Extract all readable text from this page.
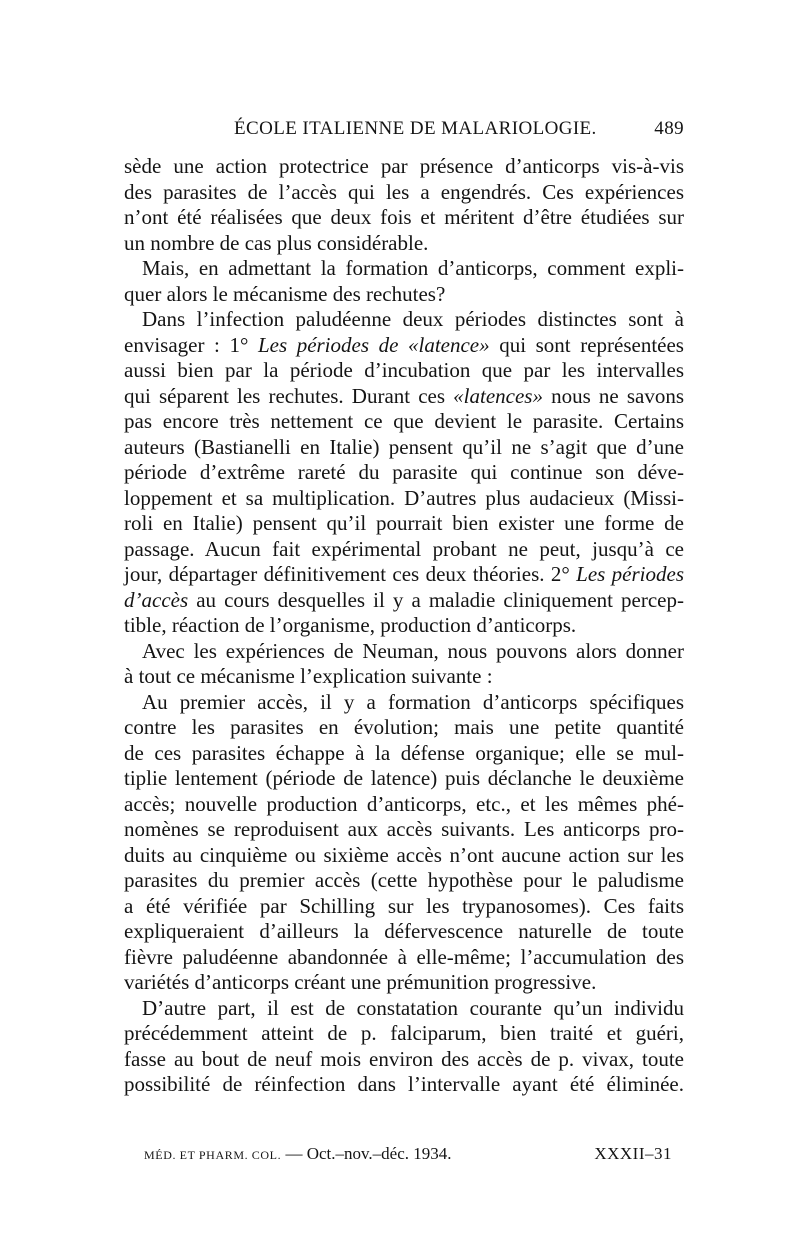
ÉCOLE ITALIENNE DE MALARIOLOGIE.	489
sède une action protectrice par présence d’anticorps vis-à-vis
des parasites de l’accès qui les a engendrés. Ces expériences
n’ont été réalisées que deux fois et méritent d’être étudiées sur
un nombre de cas plus considérable.
Mais, en admettant la formation d’anticorps, comment expli-
quer alors le mécanisme des rechutes?
Dans l’infection paludéenne deux périodes distinctes sont à
envisager : 1° Les périodes de «latence» qui sont représentées
aussi bien par la période d’incubation que par les intervalles
qui séparent les rechutes. Durant ces «latences» nous ne savons
pas encore très nettement ce que devient le parasite. Certains
auteurs (Bastianelli en Italie) pensent qu’il ne s’agit que d’une
période d’extrême rareté du parasite qui continue son déve-
loppement et sa multiplication. D’autres plus audacieux (Missi-
roli en Italie) pensent qu’il pourrait bien exister une forme de
passage. Aucun fait expérimental probant ne peut, jusqu’à ce
jour, départager définitivement ces deux théories. 2° Les périodes
d’accès au cours desquelles il y a maladie cliniquement percep-
tible, réaction de l’organisme, production d’anticorps.
Avec les expériences de Neuman, nous pouvons alors donner
à tout ce mécanisme l’explication suivante :
Au premier accès, il y a formation d’anticorps spécifiques
contre les parasites en évolution; mais une petite quantité
de ces parasites échappe à la défense organique; elle se mul-
tiplie lentement (période de latence) puis déclanche le deuxième
accès; nouvelle production d’anticorps, etc., et les mêmes phé-
nomènes se reproduisent aux accès suivants. Les anticorps pro-
duits au cinquième ou sixième accès n’ont aucune action sur les
parasites du premier accès (cette hypothèse pour le paludisme
a été vérifiée par Schilling sur les trypanosomes). Ces faits
expliqueraient d’ailleurs la défervescence naturelle de toute
fièvre paludéenne abandonnée à elle-même; l’accumulation des
variétés d’anticorps créant une prémunition progressive.
D’autre part, il est de constatation courante qu’un individu
précédemment atteint de p. falciparum, bien traité et guéri,
fasse au bout de neuf mois environ des accès de p. vivax, toute
possibilité de réinfection dans l’intervalle ayant été éliminée.
MÉD. ET PHARM. COL. — Oct.–nov.–déc. 1934.	XXXII–31
